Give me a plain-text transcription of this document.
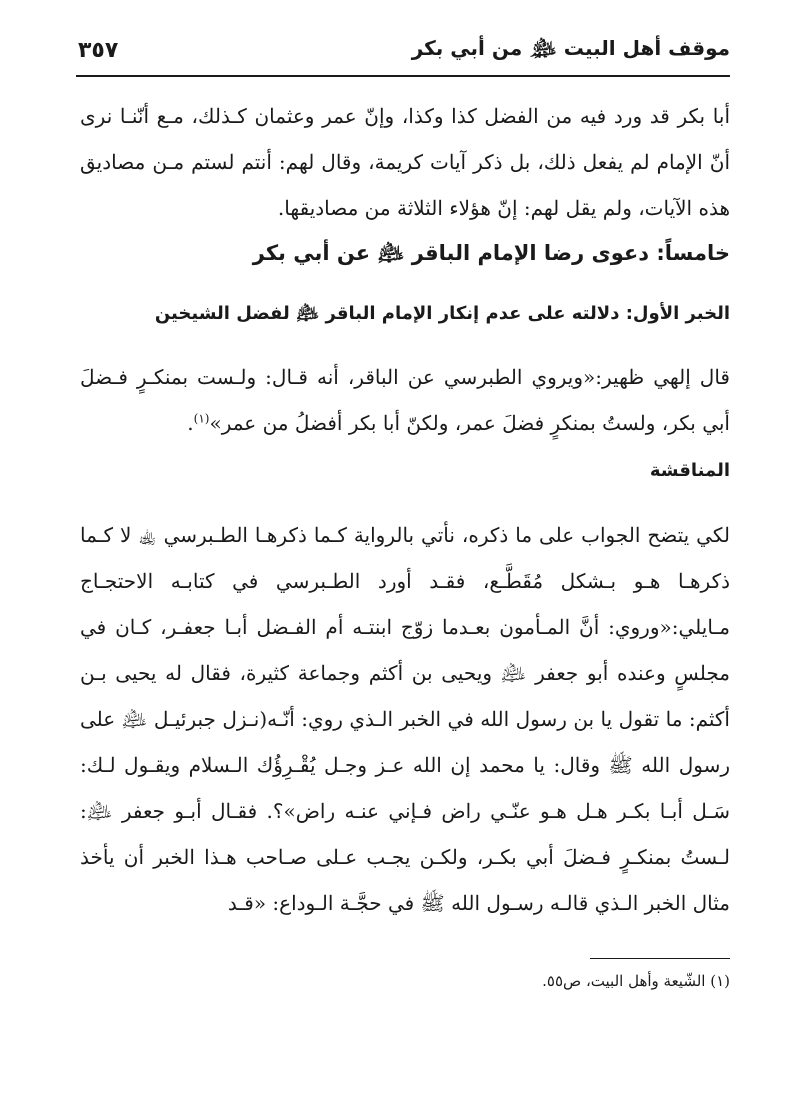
موقف أهل البيت ﵈ من أبي بكر
٣٥٧

أبا بكر قد ورد فيه من الفضل كذا وكذا، وإنّ عمر وعثمان كـذلك، مـع أنّنـا نرى أنّ الإمام لم يفعل ذلك، بل ذكر آيات كريمة، وقال لهم: أنتم لستم مـن مصاديق هذه الآيات، ولم يقل لهم: إنّ هؤلاء الثلاثة من مصاديقها.

خامساً: دعوى رضا الإمام الباقر ﵇ عن أبي بكر
الخبر الأول: دلالته على عدم إنكار الإمام الباقر ﵇ لفضل الشيخين

قال إلهي ظهير:«ويروي الطبرسي عن الباقر، أنه قـال: ولـست بمنكـرٍ فـضلَ أبي بكر، ولستُ بمنكرٍ فضلَ عمر، ولكنّ أبا بكر أفضلُ من عمر»$^{(١)}$.

المناقشة

لكي يتضح الجواب على ما ذكره، نأتي بالرواية كـما ذكرهـا الطـبرسي ﵀ لا كـما ذكرهـا هـو بـشكل مُقَطَّـع، فقـد أورد الطـبرسي في كتابـه الاحتجـاج مـايلي:«وروي: أنَّ المـأمون بعـدما زوّج ابنتـه أم الفـضل أبـا جعفـر، كـان في مجلسٍ وعنده أبو جعفر ﵇ ويحيى بن أكثم وجماعة كثيرة، فقال له يحيى بـن أكثم: ما تقول يا بن رسول الله في الخبر الـذي روي: أنّـه(نـزل جبرئيـل ﵇ على رسول الله ﷺ وقال: يا محمد إن الله عـز وجـل يُقْـرِؤُك الـسلام ويقـول لـك: سَـل أبـا بكـر هـل هـو عنّـي راض فـإني عنـه راض»؟. فقـال أبـو جعفر ﵇: لـستُ بمنكـرٍ فـضلَ أبي بكـر، ولكـن يجـب عـلى صـاحب هـذا الخبر أن يأخذ مثال الخبر الـذي قالـه رسـول الله ﷺ في حجَّـة الـوداع: «قـد

(١) الشّيعة وأهل البيت، ص٥٥.
